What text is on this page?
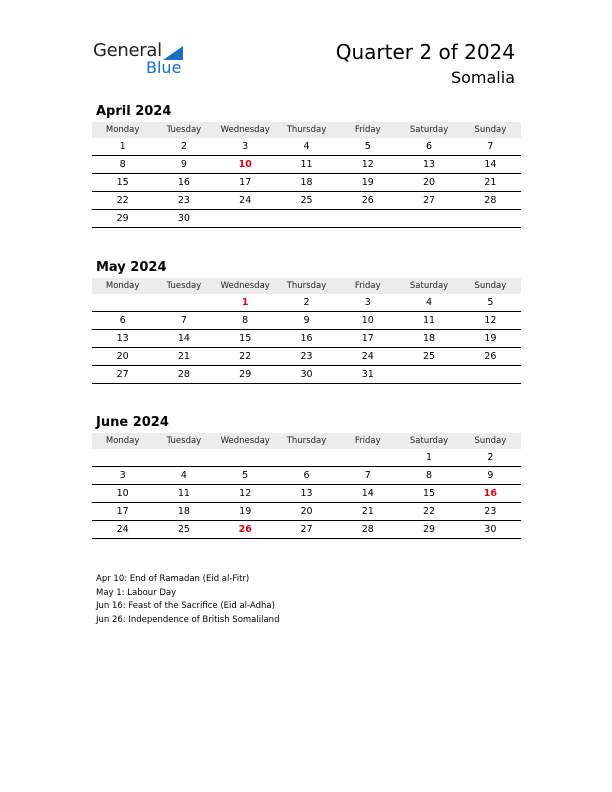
General
Blue
Quarter 2 of 2024
Somalia
April 2024
Monday	Tuesday	Wednesday	Thursday	Friday	Saturday	Sunday
1	2	3	4	5	6	7
8	9	10	11	12	13	14
15	16	17	18	19	20	21
22	23	24	25	26	27	28
29	30					
May 2024
Monday	Tuesday	Wednesday	Thursday	Friday	Saturday	Sunday
		1	2	3	4	5
6	7	8	9	10	11	12
13	14	15	16	17	18	19
20	21	22	23	24	25	26
27	28	29	30	31		
June 2024
Monday	Tuesday	Wednesday	Thursday	Friday	Saturday	Sunday
					1	2
3	4	5	6	7	8	9
10	11	12	13	14	15	16
17	18	19	20	21	22	23
24	25	26	27	28	29	30
Apr 10: End of Ramadan (Eid al-Fitr)
May 1: Labour Day
Jun 16: Feast of the Sacrifice (Eid al-Adha)
Jun 26: Independence of British Somaliland
